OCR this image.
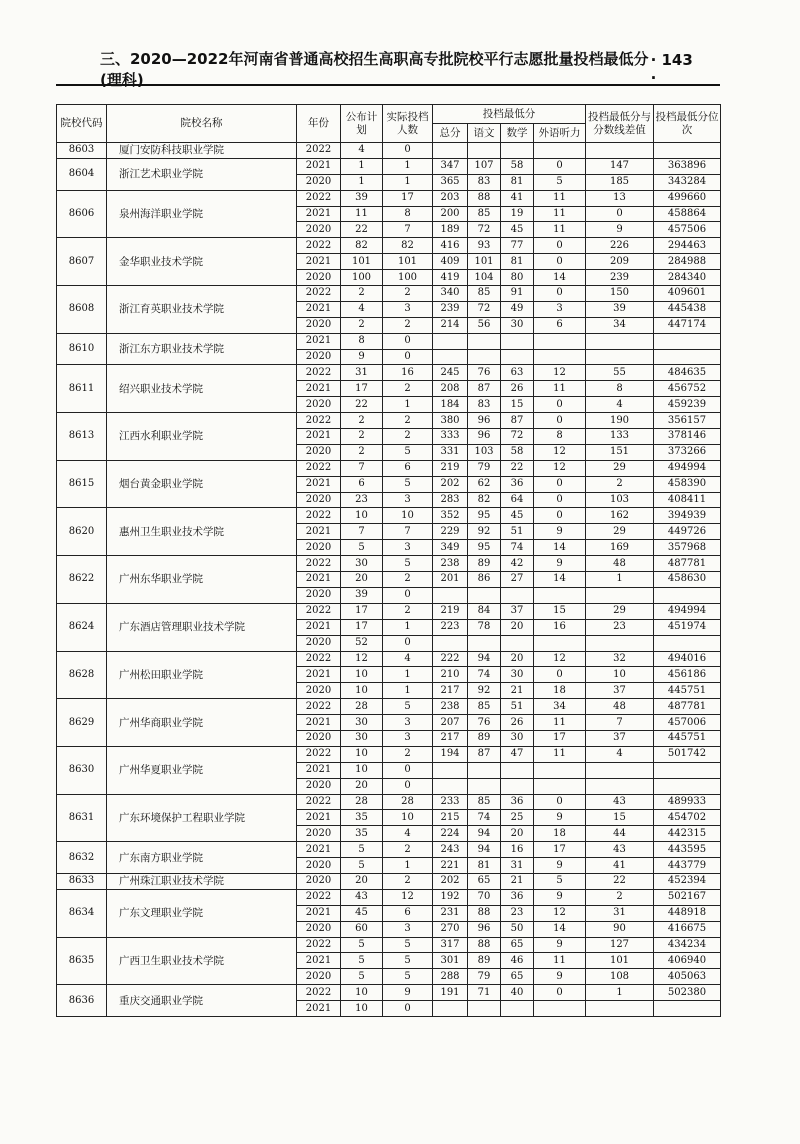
三、2020—2022年河南省普通高校招生高职高专批院校平行志愿批量投档最低分(理科)
· 143 ·
院校代码	院校名称	年份	公布计划	实际投档人数	投档最低分				投档最低分与分数线差值	投档最低分位次
					总分	语文	数学	外语听力		
8603	厦门安防科技职业学院	2022	4	0						
8604	浙江艺术职业学院	2021	1	1	347	107	58	0	147	363896
		2020	1	1	365	83	81	5	185	343284
8606	泉州海洋职业学院	2022	39	17	203	88	41	11	13	499660
		2021	11	8	200	85	19	11	0	458864
		2020	22	7	189	72	45	11	9	457506
8607	金华职业技术学院	2022	82	82	416	93	77	0	226	294463
		2021	101	101	409	101	81	0	209	284988
		2020	100	100	419	104	80	14	239	284340
8608	浙江育英职业技术学院	2022	2	2	340	85	91	0	150	409601
		2021	4	3	239	72	49	3	39	445438
		2020	2	2	214	56	30	6	34	447174
8610	浙江东方职业技术学院	2021	8	0						
		2020	9	0						
8611	绍兴职业技术学院	2022	31	16	245	76	63	12	55	484635
		2021	17	2	208	87	26	11	8	456752
		2020	22	1	184	83	15	0	4	459239
8613	江西水利职业学院	2022	2	2	380	96	87	0	190	356157
		2021	2	2	333	96	72	8	133	378146
		2020	2	5	331	103	58	12	151	373266
8615	烟台黄金职业学院	2022	7	6	219	79	22	12	29	494994
		2021	6	5	202	62	36	0	2	458390
		2020	23	3	283	82	64	0	103	408411
8620	惠州卫生职业技术学院	2022	10	10	352	95	45	0	162	394939
		2021	7	7	229	92	51	9	29	449726
		2020	5	3	349	95	74	14	169	357968
8622	广州东华职业学院	2022	30	5	238	89	42	9	48	487781
		2021	20	2	201	86	27	14	1	458630
		2020	39	0						
8624	广东酒店管理职业技术学院	2022	17	2	219	84	37	15	29	494994
		2021	17	1	223	78	20	16	23	451974
		2020	52	0						
8628	广州松田职业学院	2022	12	4	222	94	20	12	32	494016
		2021	10	1	210	74	30	0	10	456186
		2020	10	1	217	92	21	18	37	445751
8629	广州华商职业学院	2022	28	5	238	85	51	34	48	487781
		2021	30	3	207	76	26	11	7	457006
		2020	30	3	217	89	30	17	37	445751
8630	广州华夏职业学院	2022	10	2	194	87	47	11	4	501742
		2021	10	0						
		2020	20	0						
8631	广东环境保护工程职业学院	2022	28	28	233	85	36	0	43	489933
		2021	35	10	215	74	25	9	15	454702
		2020	35	4	224	94	20	18	44	442315
8632	广东南方职业学院	2021	5	2	243	94	16	17	43	443595
		2020	5	1	221	81	31	9	41	443779
8633	广州珠江职业技术学院	2020	20	2	202	65	21	5	22	452394
8634	广东文理职业学院	2022	43	12	192	70	36	9	2	502167
		2021	45	6	231	88	23	12	31	448918
		2020	60	3	270	96	50	14	90	416675
8635	广西卫生职业技术学院	2022	5	5	317	88	65	9	127	434234
		2021	5	5	301	89	46	11	101	406940
		2020	5	5	288	79	65	9	108	405063
8636	重庆交通职业学院	2022	10	9	191	71	40	0	1	502380
		2021	10	0						
